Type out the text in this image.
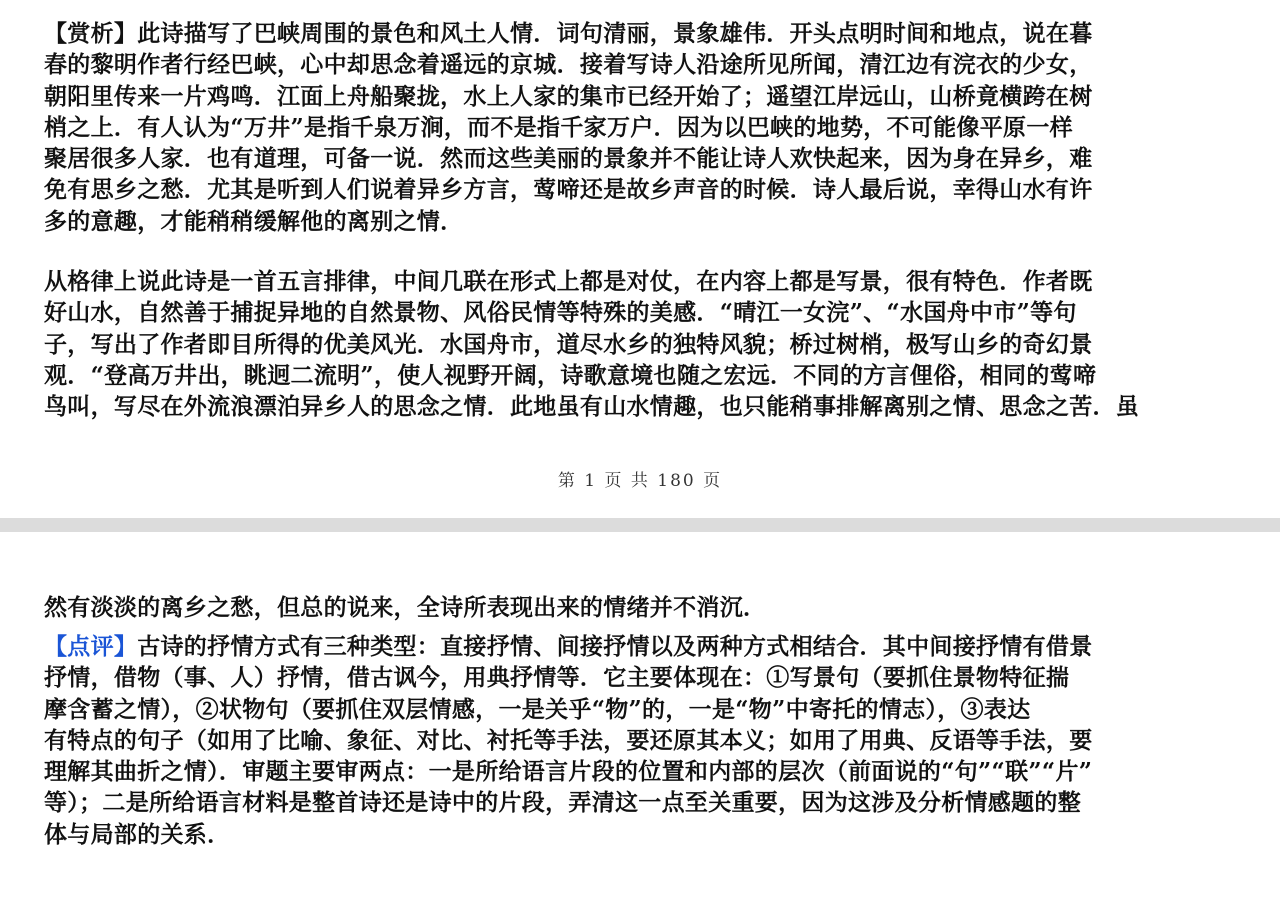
【赏析】此诗描写了巴峡周围的景色和风土人情．词句清丽，景象雄伟．开头点明时间和地点，说在暮
春的黎明作者行经巴峡，心中却思念着遥远的京城．接着写诗人沿途所见所闻，清江边有浣衣的少女，
朝阳里传来一片鸡鸣．江面上舟船聚拢，水上人家的集市已经开始了；遥望江岸远山，山桥竟横跨在树
梢之上．有人认为“万井”是指千泉万涧，而不是指千家万户．因为以巴峡的地势，不可能像平原一样
聚居很多人家．也有道理，可备一说．然而这些美丽的景象并不能让诗人欢快起来，因为身在异乡，难
免有思乡之愁．尤其是听到人们说着异乡方言，莺啼还是故乡声音的时候．诗人最后说，幸得山水有许
多的意趣，才能稍稍缓解他的离别之情．
从格律上说此诗是一首五言排律，中间几联在形式上都是对仗，在内容上都是写景，很有特色．作者既
好山水，自然善于捕捉异地的自然景物、风俗民情等特殊的美感．“晴江一女浣”、“水国舟中市”等句
子，写出了作者即目所得的优美风光．水国舟市，道尽水乡的独特风貌；桥过树梢，极写山乡的奇幻景
观．“登高万井出，眺迥二流明”，使人视野开阔，诗歌意境也随之宏远．不同的方言俚俗，相同的莺啼
鸟叫，写尽在外流浪漂泊异乡人的思念之情．此地虽有山水情趣，也只能稍事排解离别之情、思念之苦．虽
第 1 页 共 180 页
然有淡淡的离乡之愁，但总的说来，全诗所表现出来的情绪并不消沉．
【点评】古诗的抒情方式有三种类型：直接抒情、间接抒情以及两种方式相结合．其中间接抒情有借景
抒情，借物（事、人）抒情，借古讽今，用典抒情等．它主要体现在：①写景句（要抓住景物特征揣
摩含蓄之情），②状物句（要抓住双层情感，一是关乎“物”的，一是“物”中寄托的情志），③表达
有特点的句子（如用了比喻、象征、对比、衬托等手法，要还原其本义；如用了用典、反语等手法，要
理解其曲折之情）．审题主要审两点：一是所给语言片段的位置和内部的层次（前面说的“句”“联”“片”
等）；二是所给语言材料是整首诗还是诗中的片段，弄清这一点至关重要，因为这涉及分析情感题的整
体与局部的关系．
